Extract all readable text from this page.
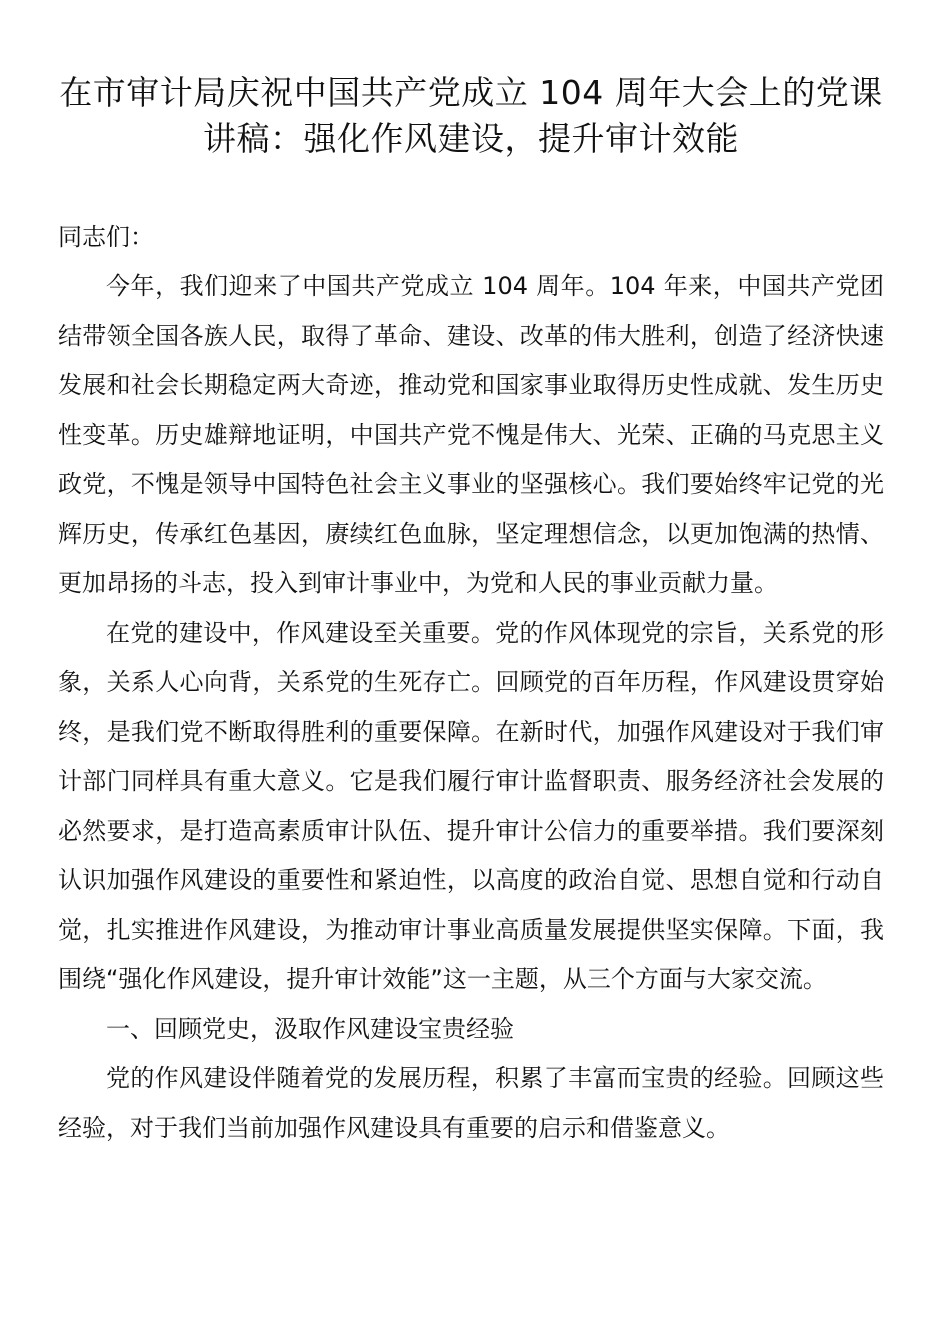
在市审计局庆祝中国共产党成立 104 周年大会上的党课讲稿：强化作风建设，提升审计效能

同志们：

今年，我们迎来了中国共产党成立 104 周年。104 年来，中国共产党团结带领全国各族人民，取得了革命、建设、改革的伟大胜利，创造了经济快速发展和社会长期稳定两大奇迹，推动党和国家事业取得历史性成就、发生历史性变革。历史雄辩地证明，中国共产党不愧是伟大、光荣、正确的马克思主义政党，不愧是领导中国特色社会主义事业的坚强核心。我们要始终牢记党的光辉历史，传承红色基因，赓续红色血脉，坚定理想信念，以更加饱满的热情、更加昂扬的斗志，投入到审计事业中，为党和人民的事业贡献力量。

在党的建设中，作风建设至关重要。党的作风体现党的宗旨，关系党的形象，关系人心向背，关系党的生死存亡。回顾党的百年历程，作风建设贯穿始终，是我们党不断取得胜利的重要保障。在新时代，加强作风建设对于我们审计部门同样具有重大意义。它是我们履行审计监督职责、服务经济社会发展的必然要求，是打造高素质审计队伍、提升审计公信力的重要举措。我们要深刻认识加强作风建设的重要性和紧迫性，以高度的政治自觉、思想自觉和行动自觉，扎实推进作风建设，为推动审计事业高质量发展提供坚实保障。下面，我围绕“强化作风建设，提升审计效能”这一主题，从三个方面与大家交流。

一、回顾党史，汲取作风建设宝贵经验

党的作风建设伴随着党的发展历程，积累了丰富而宝贵的经验。回顾这些经验，对于我们当前加强作风建设具有重要的启示和借鉴意义。
